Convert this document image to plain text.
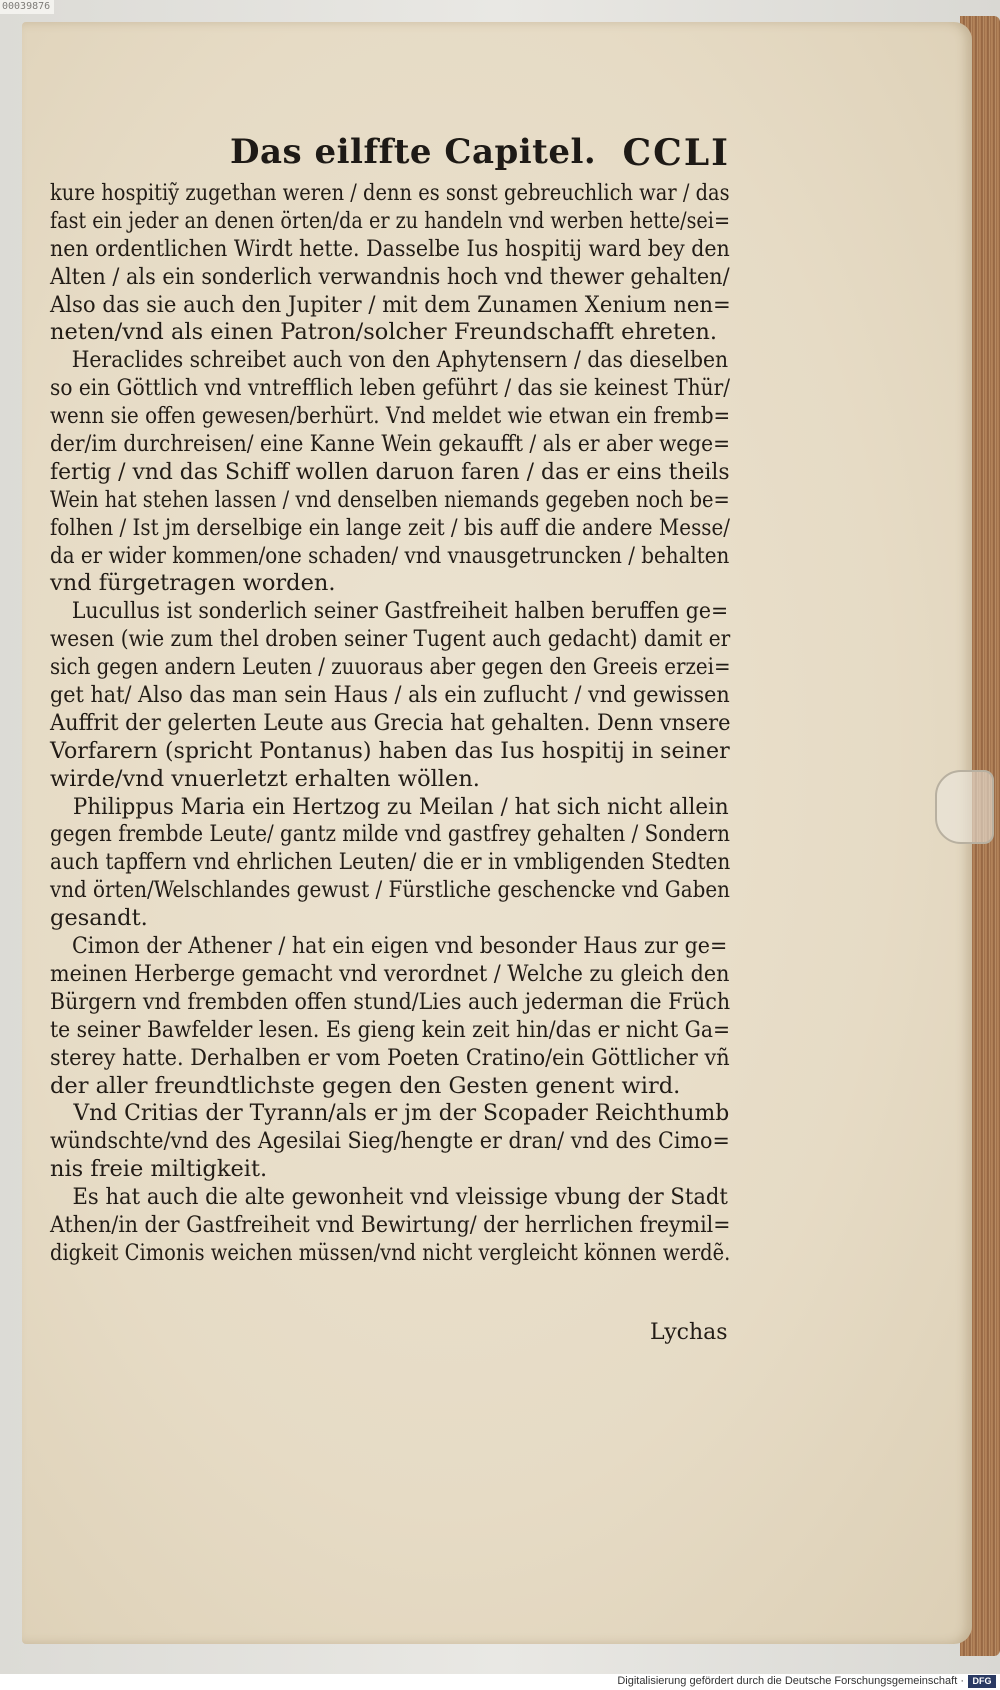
00039876
Das eilffte Capitel. CCLI
kure hospitiỹ zugethan weren / denn es sonst gebreuchlich war / das
fast ein jeder an denen örten/da er zu handeln vnd werben hette/sei=
nen ordentlichen Wirdt hette. Dasselbe Ius hospitij ward bey den
Alten / als ein sonderlich verwandnis hoch vnd thewer gehalten/
Also das sie auch den Jupiter / mit dem Zunamen Xenium nen=
neten/vnd als einen Patron/solcher Freundschafft ehreten.
Heraclides schreibet auch von den Aphytensern / das dieselben
so ein Göttlich vnd vntrefflich leben geführt / das sie keinest Thür/
wenn sie offen gewesen/berhürt. Vnd meldet wie etwan ein fremb=
der/im durchreisen/ eine Kanne Wein gekaufft / als er aber wege=
fertig / vnd das Schiff wollen daruon faren / das er eins theils
Wein hat stehen lassen / vnd denselben niemands gegeben noch be=
folhen / Ist jm derselbige ein lange zeit / bis auff die andere Messe/
da er wider kommen/one schaden/ vnd vnausgetruncken / behalten
vnd fürgetragen worden.
Lucullus ist sonderlich seiner Gastfreiheit halben beruffen ge=
wesen (wie zum thel droben seiner Tugent auch gedacht) damit er
sich gegen andern Leuten / zuuoraus aber gegen den Greeis erzei=
get hat/ Also das man sein Haus / als ein zuflucht / vnd gewissen
Auffrit der gelerten Leute aus Grecia hat gehalten. Denn vnsere
Vorfarern (spricht Pontanus) haben das Ius hospitij in seiner
wirde/vnd vnuerletzt erhalten wöllen.
Philippus Maria ein Hertzog zu Meilan / hat sich nicht allein
gegen frembde Leute/ gantz milde vnd gastfrey gehalten / Sondern
auch tapffern vnd ehrlichen Leuten/ die er in vmbligenden Stedten
vnd örten/Welschlandes gewust / Fürstliche geschencke vnd Gaben
gesandt.
Cimon der Athener / hat ein eigen vnd besonder Haus zur ge=
meinen Herberge gemacht vnd verordnet / Welche zu gleich den
Bürgern vnd frembden offen stund/Lies auch jederman die Früch
te seiner Bawfelder lesen. Es gieng kein zeit hin/das er nicht Ga=
sterey hatte. Derhalben er vom Poeten Cratino/ein Göttlicher vñ
der aller freundtlichste gegen den Gesten genent wird.
Vnd Critias der Tyrann/als er jm der Scopader Reichthumb
wündschte/vnd des Agesilai Sieg/hengte er dran/ vnd des Cimo=
nis freie miltigkeit.
Es hat auch die alte gewonheit vnd vleissige vbung der Stadt
Athen/in der Gastfreiheit vnd Bewirtung/ der herrlichen freymil=
digkeit Cimonis weichen müssen/vnd nicht vergleicht können werdẽ.
Lychas
Digitalisierung gefördert durch die Deutsche Forschungsgemeinschaft · DFG
